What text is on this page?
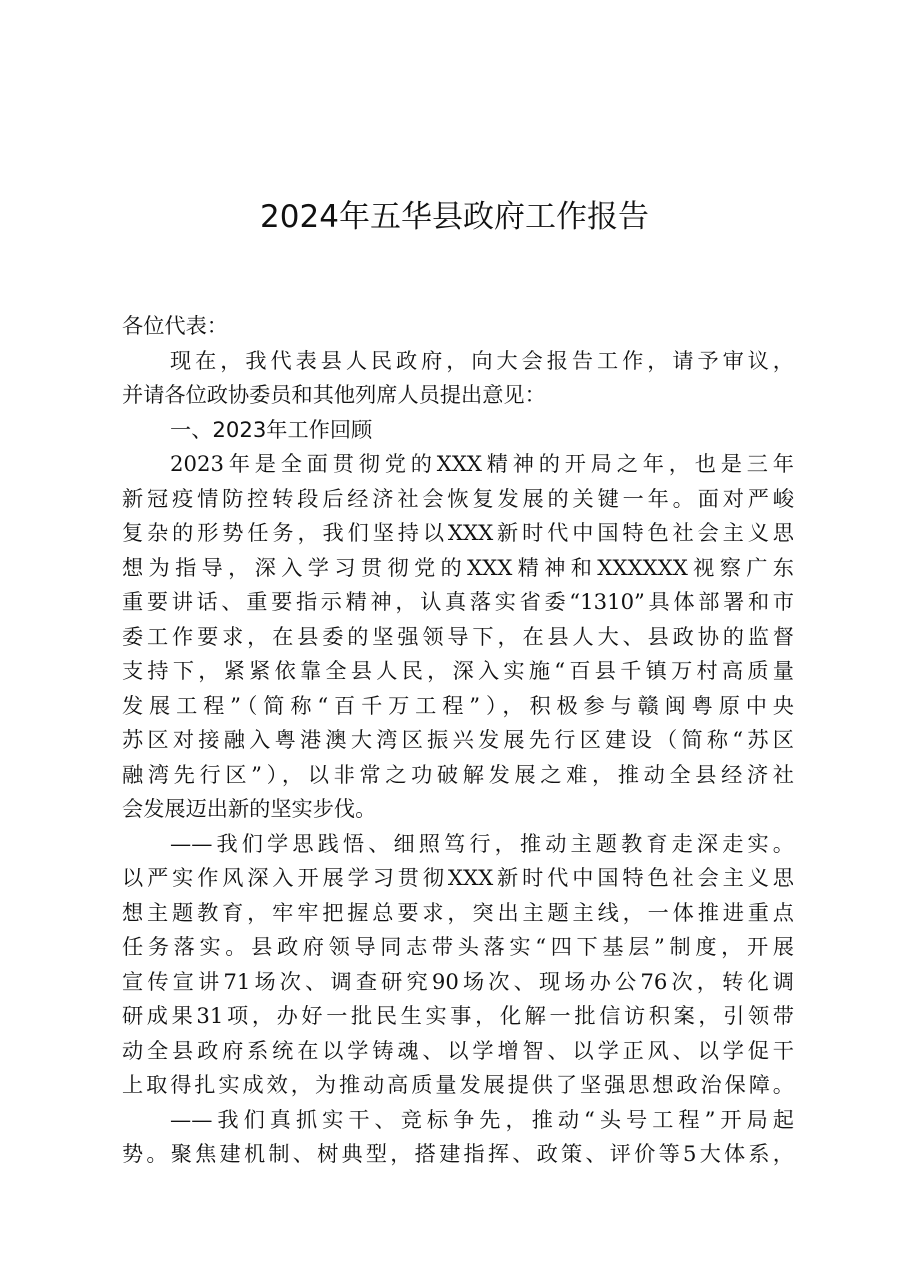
2024年五华县政府工作报告
各位代表：
现在，我代表县人民政府，向大会报告工作，请予审议，
并请各位政协委员和其他列席人员提出意见：
一、2023年工作回顾
2023年是全面贯彻党的XXX精神的开局之年，也是三年
新冠疫情防控转段后经济社会恢复发展的关键一年。面对严峻
复杂的形势任务，我们坚持以XXX新时代中国特色社会主义思
想为指导，深入学习贯彻党的XXX精神和XXXXXX视察广东
重要讲话、重要指示精神，认真落实省委“1310”具体部署和市
委工作要求，在县委的坚强领导下，在县人大、县政协的监督
支持下，紧紧依靠全县人民，深入实施“百县千镇万村高质量
发展工程”（简称“百千万工程”），积极参与赣闽粤原中央
苏区对接融入粤港澳大湾区振兴发展先行区建设（简称“苏区
融湾先行区”），以非常之功破解发展之难，推动全县经济社
会发展迈出新的坚实步伐。
——我们学思践悟、细照笃行，推动主题教育走深走实。
以严实作风深入开展学习贯彻XXX新时代中国特色社会主义思
想主题教育，牢牢把握总要求，突出主题主线，一体推进重点
任务落实。县政府领导同志带头落实“四下基层”制度，开展
宣传宣讲71场次、调查研究90场次、现场办公76次，转化调
研成果31项，办好一批民生实事，化解一批信访积案，引领带
动全县政府系统在以学铸魂、以学增智、以学正风、以学促干
上取得扎实成效，为推动高质量发展提供了坚强思想政治保障。
——我们真抓实干、竞标争先，推动“头号工程”开局起
势。聚焦建机制、树典型，搭建指挥、政策、评价等5大体系，
